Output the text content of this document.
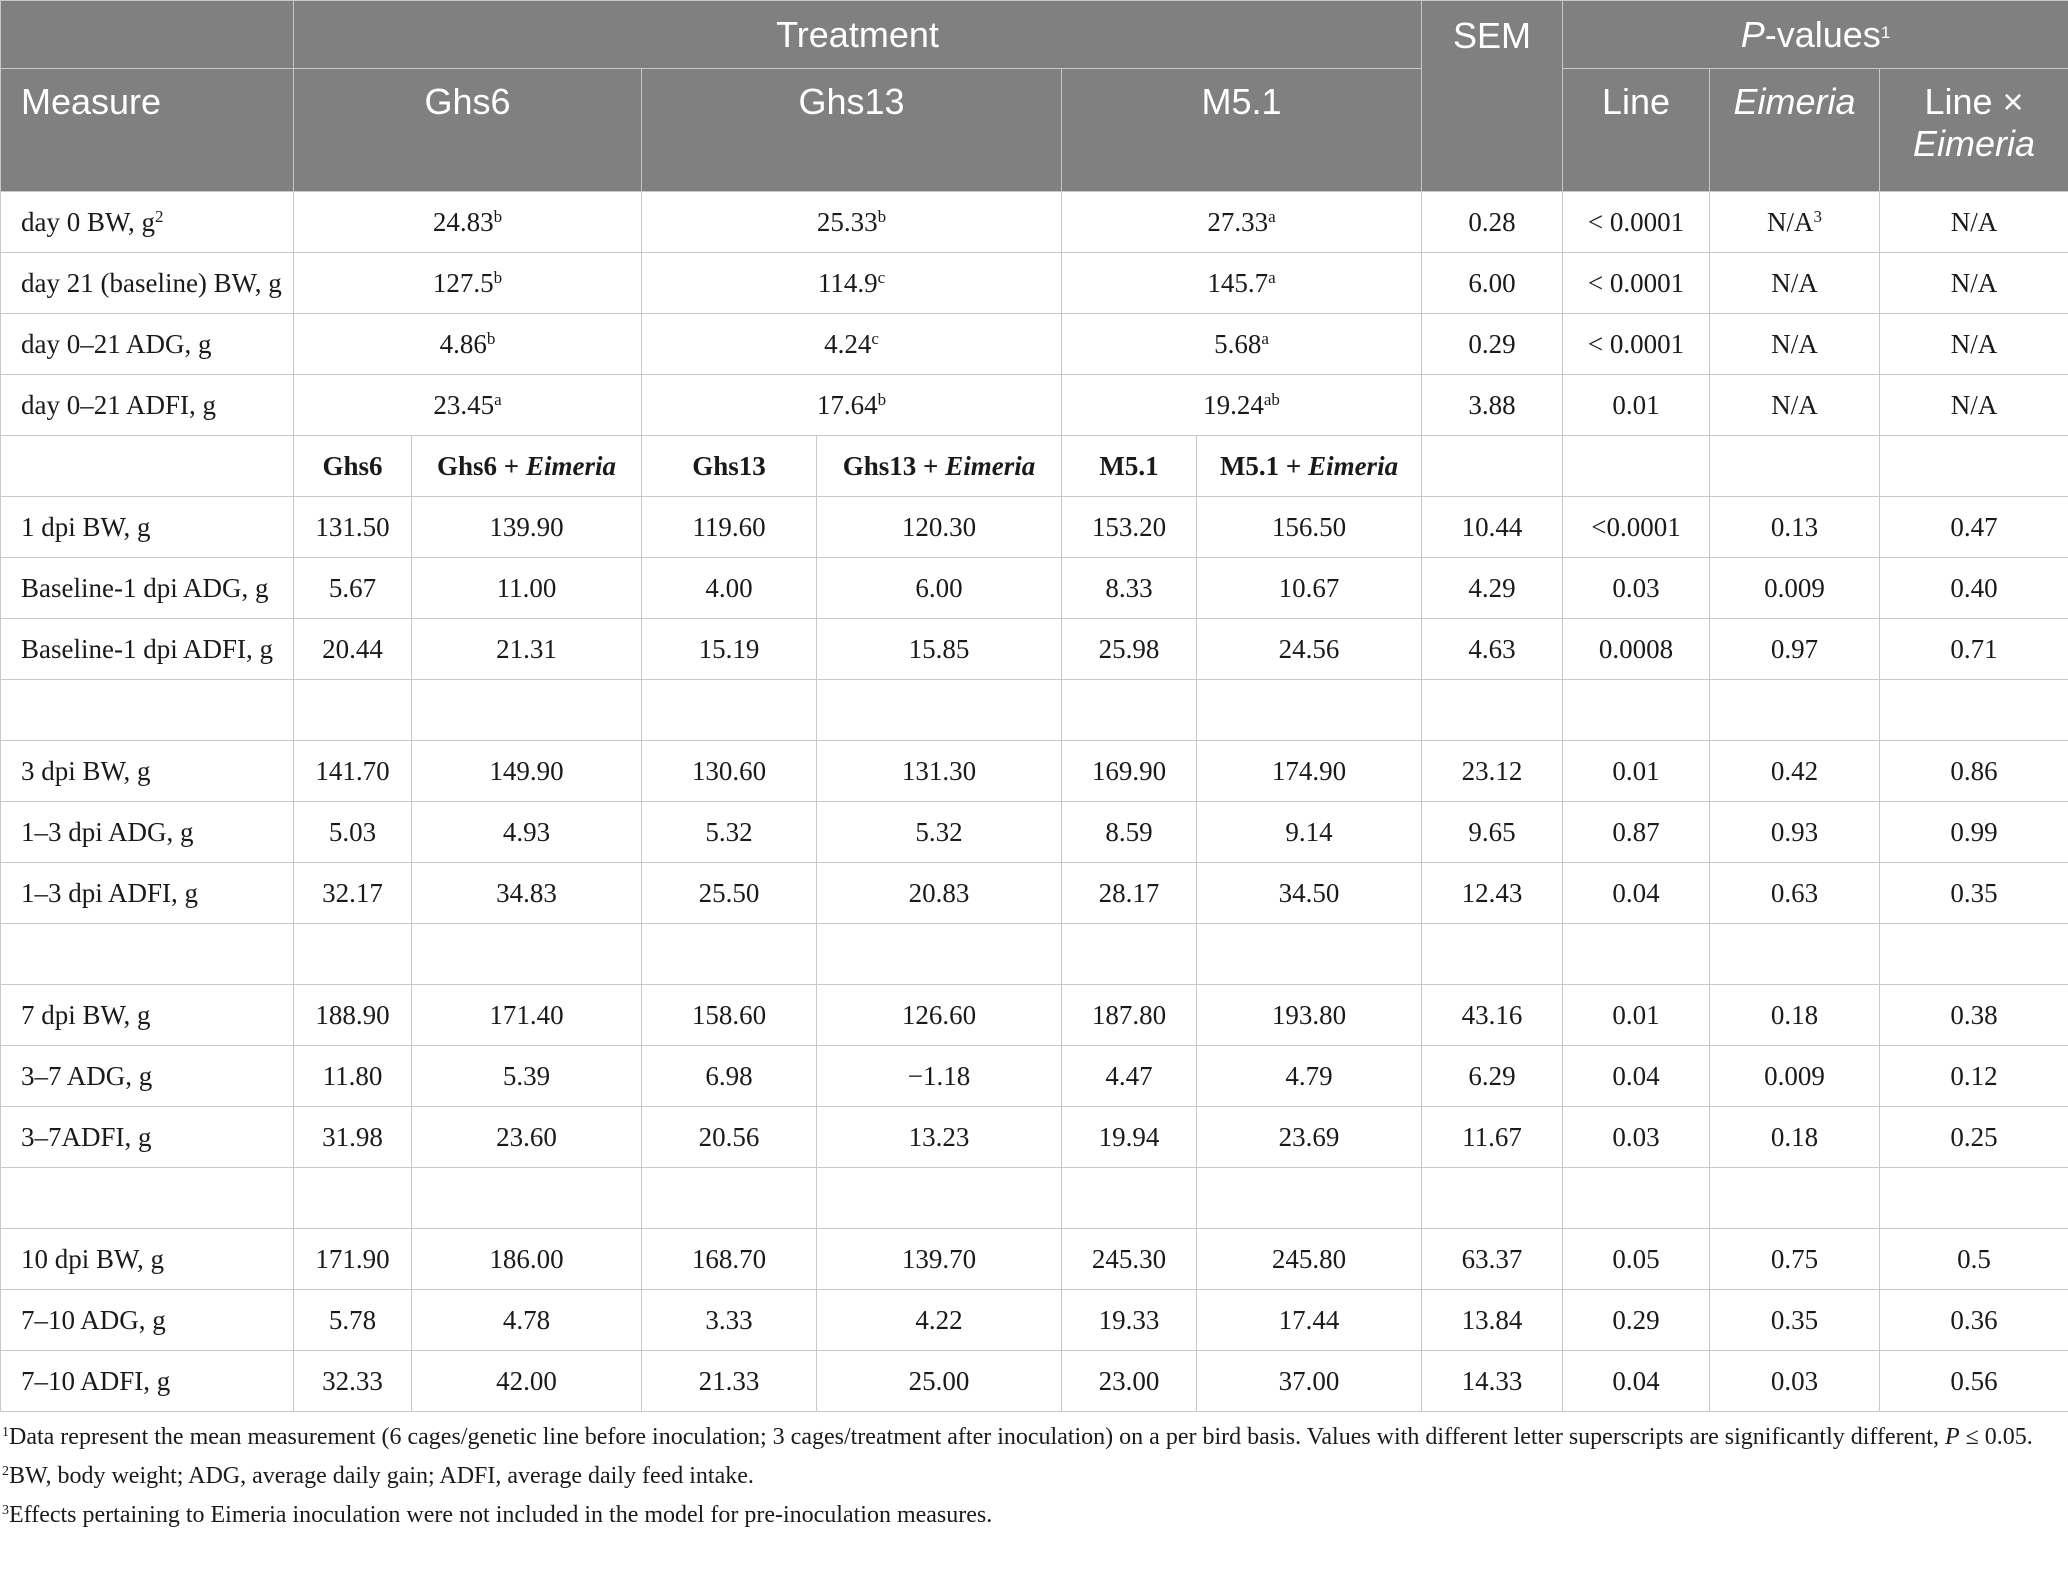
	Treatment						SEM	P-values$^1$
Measure	Ghs6		Ghs13		M5.1			Line	Eimeria	Line ×
Eimeria
day 0 BW, $g^2$	24.83$^b$		25.33$^b$		27.33$^a$		0.28	< 0.0001	$N/A^3$	N/A
day 21 (baseline) BW, g	127.5$^b$		114.9$^c$		145.7$^a$		6.00	< 0.0001	N/A	N/A
day 0–21 ADG, g	4.86$^b$		4.24$^c$		5.68$^a$		0.29	< 0.0001	N/A	N/A
day 0–21 ADFI, g	23.45$^a$		17.64$^b$		19.24$^{ab}$		3.88	0.01	N/A	N/A
	Ghs6	Ghs6 + Eimeria	Ghs13	Ghs13 + Eimeria	M5.1	M5.1 + Eimeria				
1 dpi BW, g	131.50	139.90	119.60	120.30	153.20	156.50	10.44	<0.0001	0.13	0.47
Baseline-1 dpi ADG, g	5.67	11.00	4.00	6.00	8.33	10.67	4.29	0.03	0.009	0.40
Baseline-1 dpi ADFI, g	20.44	21.31	15.19	15.85	25.98	24.56	4.63	0.0008	0.97	0.71

3 dpi BW, g	141.70	149.90	130.60	131.30	169.90	174.90	23.12	0.01	0.42	0.86
1–3 dpi ADG, g	5.03	4.93	5.32	5.32	8.59	9.14	9.65	0.87	0.93	0.99
1–3 dpi ADFI, g	32.17	34.83	25.50	20.83	28.17	34.50	12.43	0.04	0.63	0.35

7 dpi BW, g	188.90	171.40	158.60	126.60	187.80	193.80	43.16	0.01	0.18	0.38
3–7 ADG, g	11.80	5.39	6.98	−1.18	4.47	4.79	6.29	0.04	0.009	0.12
3–7ADFI, g	31.98	23.60	20.56	13.23	19.94	23.69	11.67	0.03	0.18	0.25

10 dpi BW, g	171.90	186.00	168.70	139.70	245.30	245.80	63.37	0.05	0.75	0.5
7–10 ADG, g	5.78	4.78	3.33	4.22	19.33	17.44	13.84	0.29	0.35	0.36
7–10 ADFI, g	32.33	42.00	21.33	25.00	23.00	37.00	14.33	0.04	0.03	0.56

$^1$Data represent the mean measurement (6 cages/genetic line before inoculation; 3 cages/treatment after inoculation) on a per bird basis. Values with different letter superscripts are significantly different, P ≤ 0.05.

$^2$BW, body weight; ADG, average daily gain; ADFI, average daily feed intake.

$^3$Effects pertaining to Eimeria inoculation were not included in the model for pre-inoculation measures.
